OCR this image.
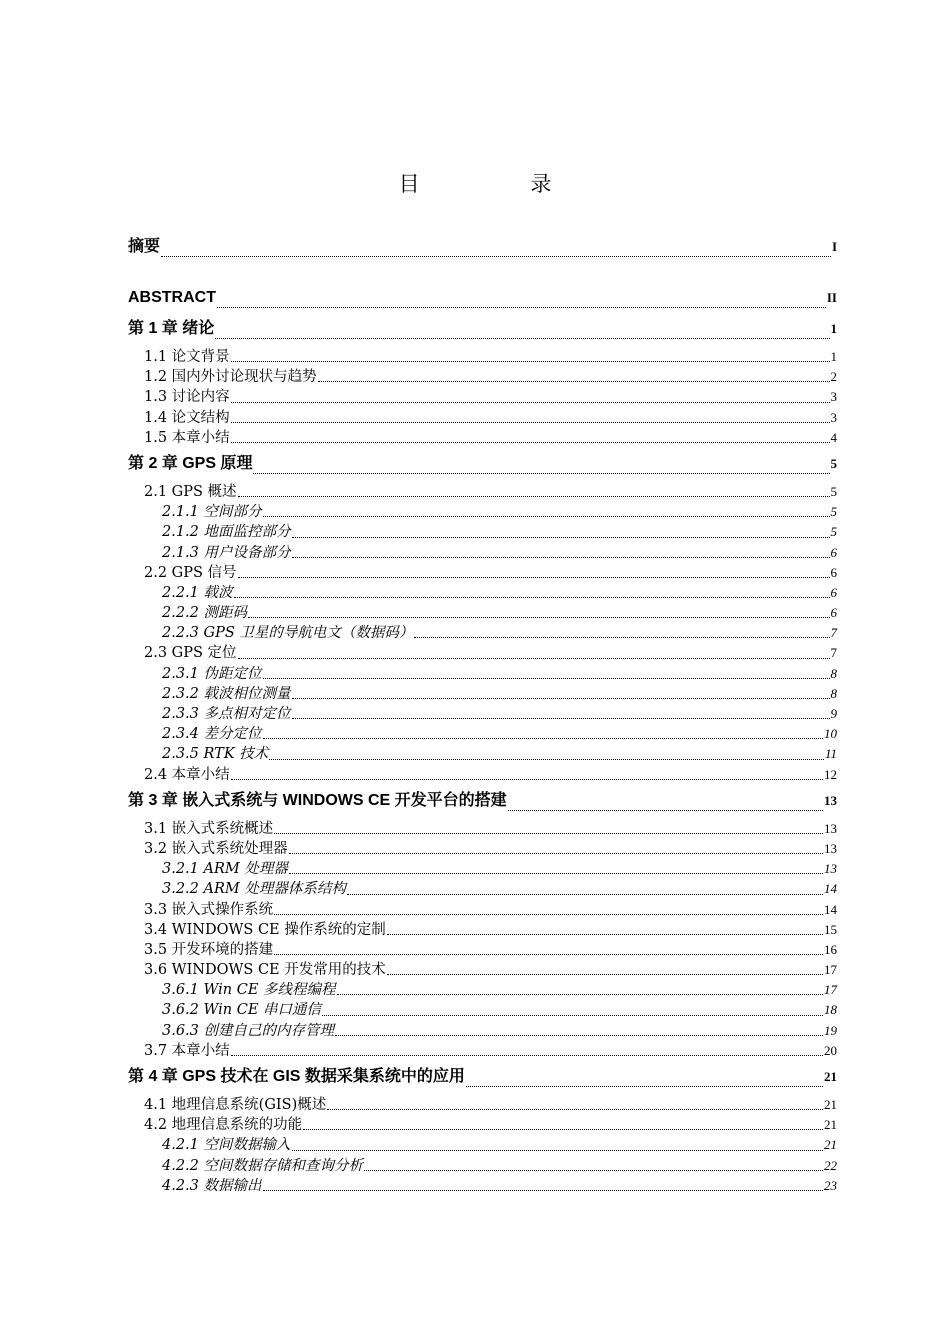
目 录
摘要	I
ABSTRACT	II
第 1 章 绪论	1
1.1 论文背景	1
1.2 国内外讨论现状与趋势	2
1.3 讨论内容	3
1.4 论文结构	3
1.5 本章小结	4
第 2 章 GPS 原理	5
2.1 GPS 概述	5
2.1.1 空间部分	5
2.1.2 地面监控部分	5
2.1.3 用户设备部分	6
2.2 GPS 信号	6
2.2.1 载波	6
2.2.2 测距码	6
2.2.3 GPS 卫星的导航电文（数据码）	7
2.3 GPS 定位	7
2.3.1 伪距定位	8
2.3.2 载波相位测量	8
2.3.3 多点相对定位	9
2.3.4 差分定位	10
2.3.5 RTK 技术	11
2.4 本章小结	12
第 3 章 嵌入式系统与 WINDOWS CE 开发平台的搭建	13
3.1 嵌入式系统概述	13
3.2 嵌入式系统处理器	13
3.2.1 ARM 处理器	13
3.2.2 ARM 处理器体系结构	14
3.3 嵌入式操作系统	14
3.4 WINDOWS CE 操作系统的定制	15
3.5 开发环境的搭建	16
3.6 WINDOWS CE 开发常用的技术	17
3.6.1 Win CE 多线程编程	17
3.6.2 Win CE 串口通信	18
3.6.3 创建自己的内存管理	19
3.7 本章小结	20
第 4 章 GPS 技术在 GIS 数据采集系统中的应用	21
4.1 地理信息系统(GIS)概述	21
4.2 地理信息系统的功能	21
4.2.1 空间数据输入	21
4.2.2 空间数据存储和查询分析	22
4.2.3 数据输出	23
